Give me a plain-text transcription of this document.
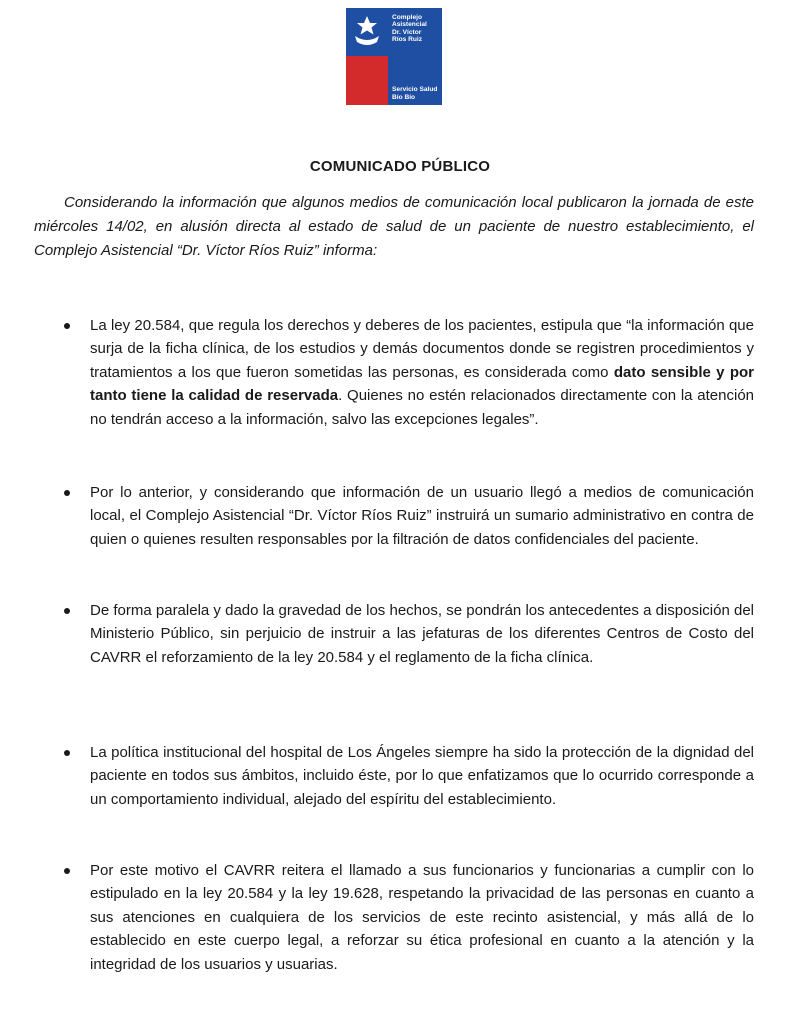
Complejo
Asistencial
Dr. Víctor
Ríos Ruiz
Servicio Salud
Bío Bío
COMUNICADO PÚBLICO

Considerando la información que algunos medios de comunicación local publicaron la jornada de este miércoles 14/02, en alusión directa al estado de salud de un paciente de nuestro establecimiento, el Complejo Asistencial “Dr. Víctor Ríos Ruiz” informa:

La ley 20.584, que regula los derechos y deberes de los pacientes, estipula que “la información que surja de la ficha clínica, de los estudios y demás documentos donde se registren procedimientos y tratamientos a los que fueron sometidas las personas, es considerada como dato sensible y por tanto tiene la calidad de reservada. Quienes no estén relacionados directamente con la atención no tendrán acceso a la información, salvo las excepciones legales”.

Por lo anterior, y considerando que información de un usuario llegó a medios de comunicación local, el Complejo Asistencial “Dr. Víctor Ríos Ruiz” instruirá un sumario administrativo en contra de quien o quienes resulten responsables por la filtración de datos confidenciales del paciente.

De forma paralela y dado la gravedad de los hechos, se pondrán los antecedentes a disposición del Ministerio Público, sin perjuicio de instruir a las jefaturas de los diferentes Centros de Costo del CAVRR el reforzamiento de la ley 20.584 y el reglamento de la ficha clínica.

La política institucional del hospital de Los Ángeles siempre ha sido la protección de la dignidad del paciente en todos sus ámbitos, incluido éste, por lo que enfatizamos que lo ocurrido corresponde a un comportamiento individual, alejado del espíritu del establecimiento.

Por este motivo el CAVRR reitera el llamado a sus funcionarios y funcionarias a cumplir con lo estipulado en la ley 20.584 y la ley 19.628, respetando la privacidad de las personas en cuanto a sus atenciones en cualquiera de los servicios de este recinto asistencial, y más allá de lo establecido en este cuerpo legal, a reforzar su ética profesional en cuanto a la atención y la integridad de los usuarios y usuarias.
